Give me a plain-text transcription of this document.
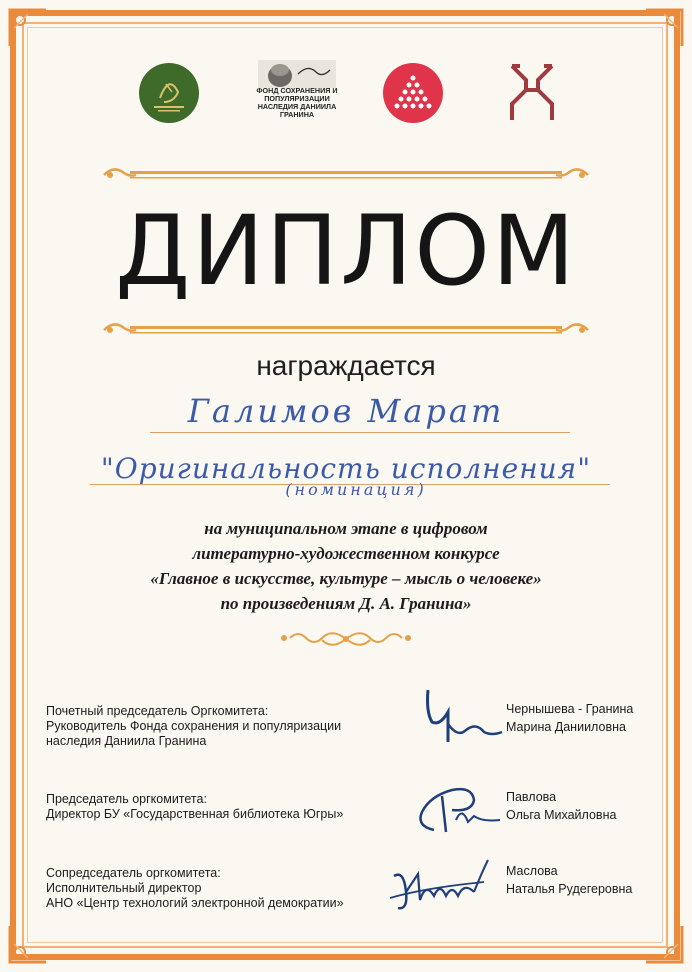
ФОНД СОХРАНЕНИЯ И ПОПУЛЯРИЗАЦИИ НАСЛЕДИЯ ДАНИИЛА ГРАНИНА
ДИПЛОМ
награждается
Галимов Марат
"Оригинальность исполнения"
(номинация)
на муниципальном этапе в цифровом
литературно-художественном конкурсе
«Главное в искусстве, культуре – мысль о человеке»
по произведениям Д. А. Гранина»
Почетный председатель Оргкомитета:
Руководитель Фонда сохранения и популяризации
наследия Даниила Гранина
Чернышева - Гранина
Марина Данииловна
Председатель оргкомитета:
Директор БУ «Государственная библиотека Югры»
Павлова
Ольга Михайловна
Сопредседатель оргкомитета:
Исполнительный директор
АНО «Центр технологий электронной демократии»
Маслова
Наталья Рудегеровна
